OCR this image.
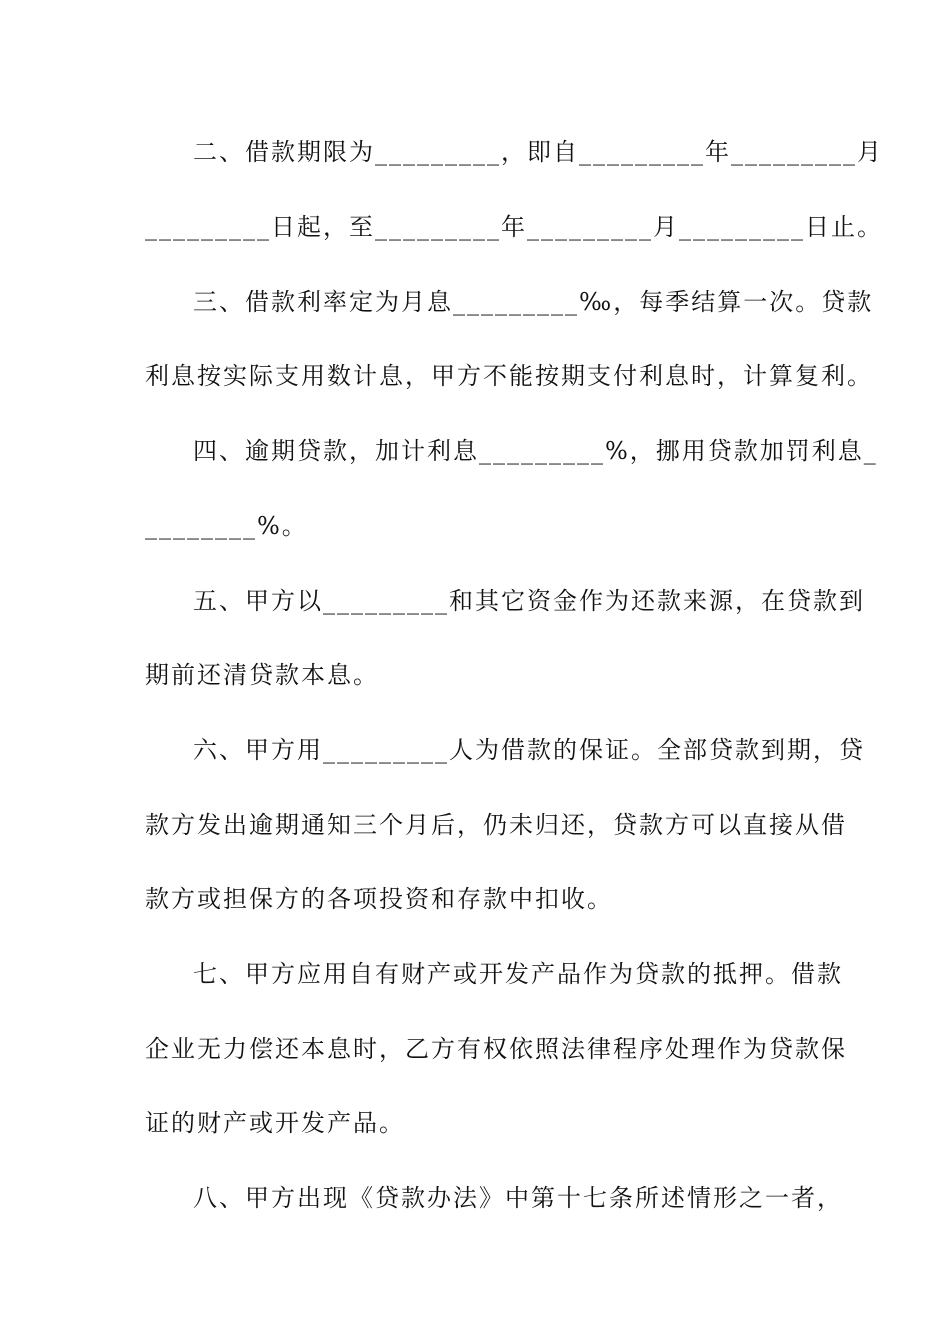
二、借款期限为_________，即自_________年_________月
_________日起，至_________年_________月_________日止。
三、借款利率定为月息_________‰，每季结算一次。贷款
利息按实际支用数计息，甲方不能按期支付利息时，计算复利。
四、逾期贷款，加计利息_________%，挪用贷款加罚利息_
________%。
五、甲方以_________和其它资金作为还款来源，在贷款到
期前还清贷款本息。
六、甲方用_________人为借款的保证。全部贷款到期，贷
款方发出逾期通知三个月后，仍未归还，贷款方可以直接从借
款方或担保方的各项投资和存款中扣收。
七、甲方应用自有财产或开发产品作为贷款的抵押。借款
企业无力偿还本息时，乙方有权依照法律程序处理作为贷款保
证的财产或开发产品。
八、甲方出现《贷款办法》中第十七条所述情形之一者，
